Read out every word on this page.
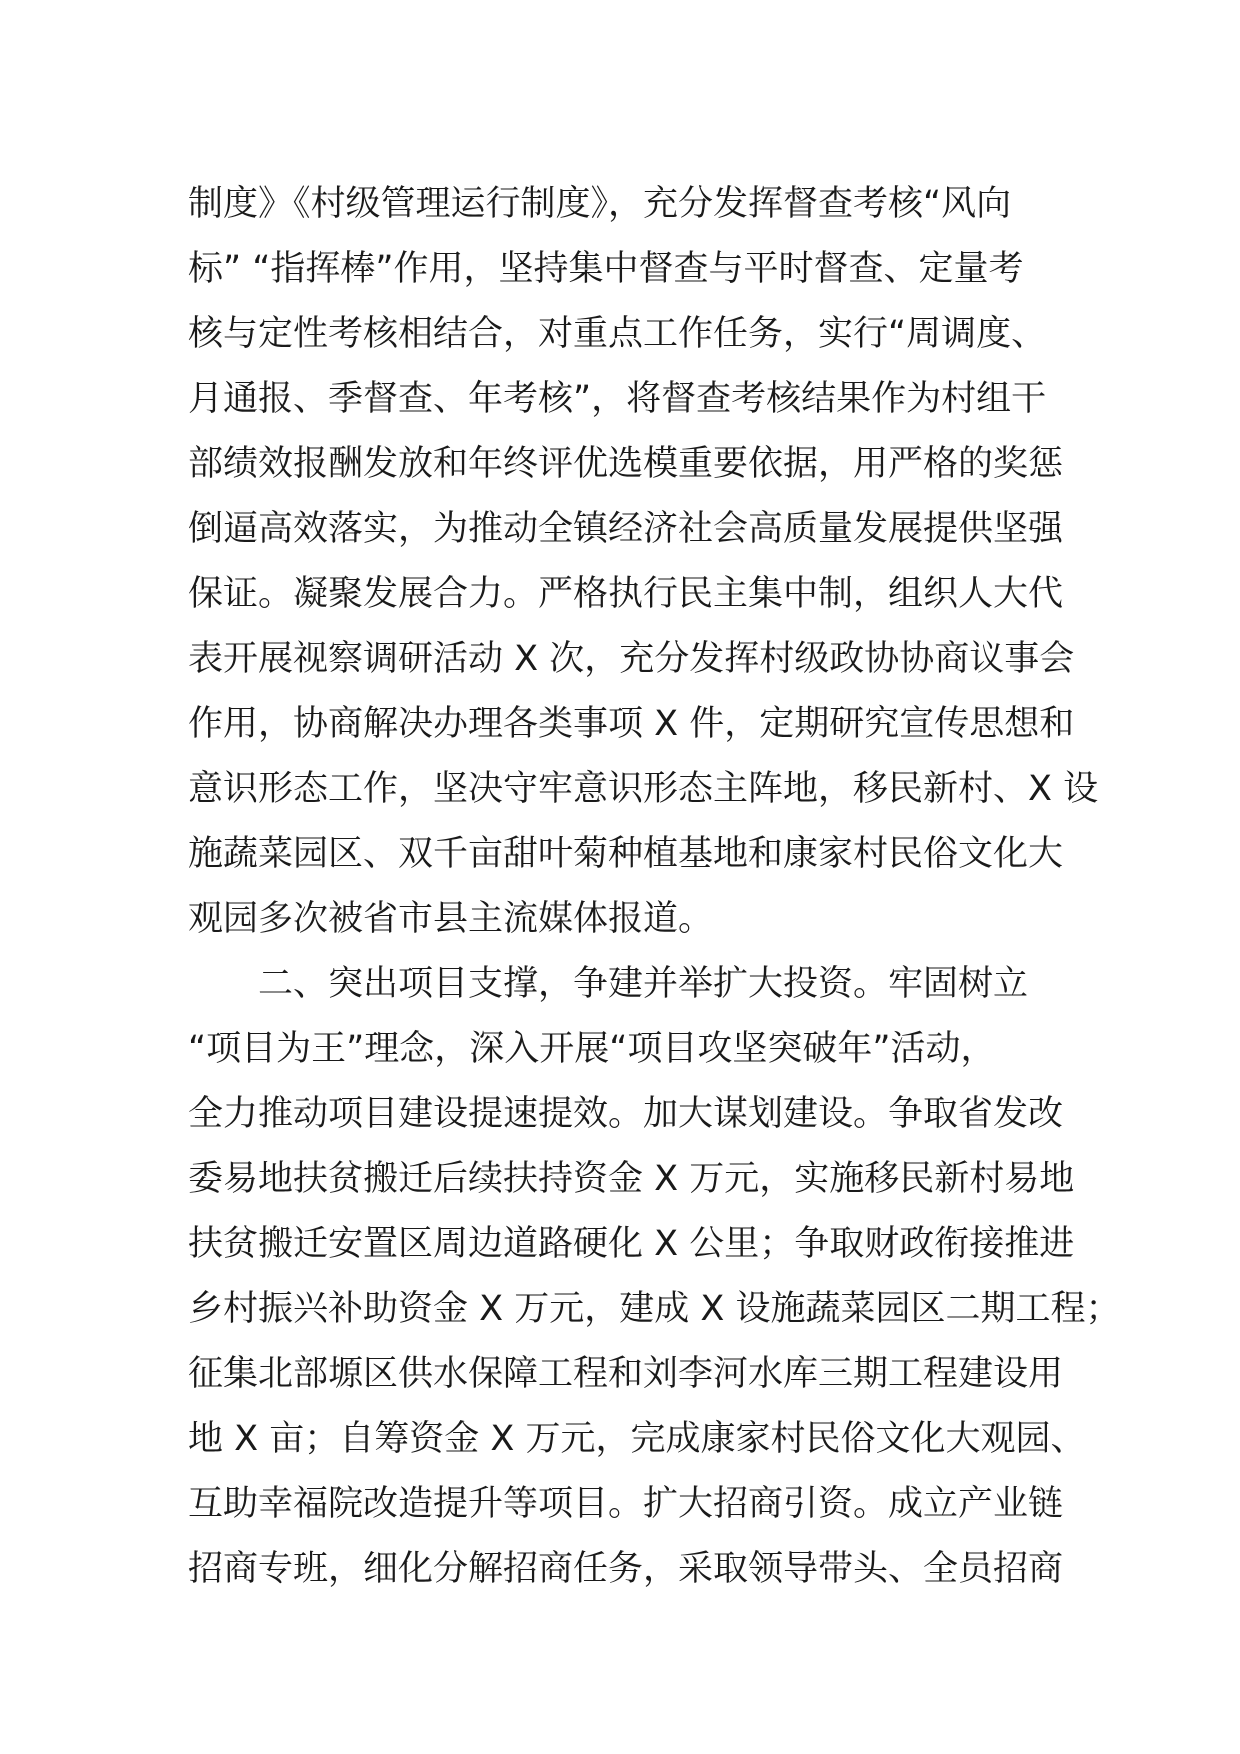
制度》《村级管理运行制度》，充分发挥督查考核“风向
标” “指挥棒”作用，坚持集中督查与平时督查、定量考
核与定性考核相结合，对重点工作任务，实行“周调度、
月通报、季督查、年考核”，将督查考核结果作为村组干
部绩效报酬发放和年终评优选模重要依据，用严格的奖惩
倒逼高效落实，为推动全镇经济社会高质量发展提供坚强
保证。凝聚发展合力。严格执行民主集中制，组织人大代
表开展视察调研活动 X 次，充分发挥村级政协协商议事会
作用，协商解决办理各类事项 X 件，定期研究宣传思想和
意识形态工作，坚决守牢意识形态主阵地，移民新村、X 设
施蔬菜园区、双千亩甜叶菊种植基地和康家村民俗文化大
观园多次被省市县主流媒体报道。
二、突出项目支撑，争建并举扩大投资。牢固树立
“项目为王”理念，深入开展“项目攻坚突破年”活动，
全力推动项目建设提速提效。加大谋划建设。争取省发改
委易地扶贫搬迁后续扶持资金 X 万元，实施移民新村易地
扶贫搬迁安置区周边道路硬化 X 公里；争取财政衔接推进
乡村振兴补助资金 X 万元，建成 X 设施蔬菜园区二期工程；
征集北部塬区供水保障工程和刘李河水库三期工程建设用
地 X 亩；自筹资金 X 万元，完成康家村民俗文化大观园、
互助幸福院改造提升等项目。扩大招商引资。成立产业链
招商专班，细化分解招商任务，采取领导带头、全员招商
